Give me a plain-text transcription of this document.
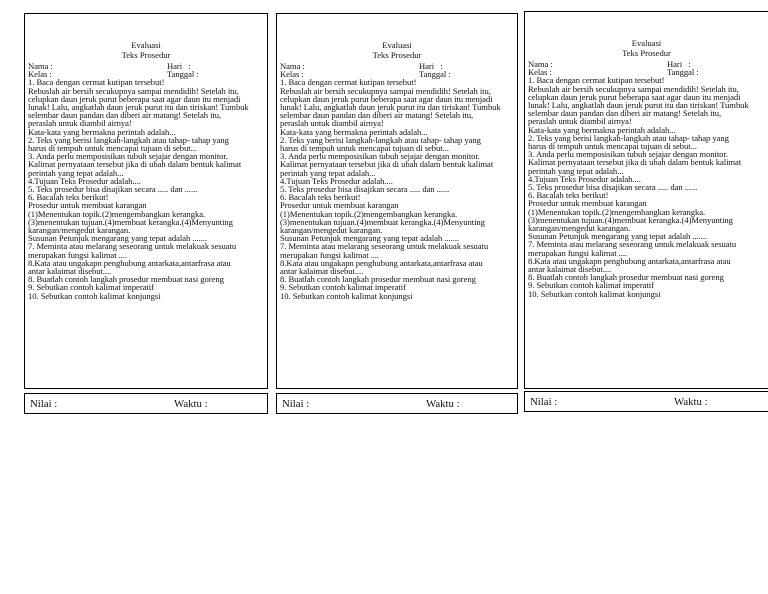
Evaluasi
Teks Prosedur
Nama :	Hari   :
Kelas :	Tanggal :
1. Baca dengan cermat kutipan tersebut!
Rebuslah air bersih secukupnya sampai mendidih! Setelah itu,
celupkan daun jeruk purut beberapa saat agar daun itu menjadi
lunak! Lalu, angkatlah daun jeruk purut itu dan tiriskan! Tumbuk
selembar daun pandan dan diberi air matang! Setelah itu,
peraslah untuk diambil airnya!
Kata-kata yang bermakna perintah adalah...
2. Teks yang berisi langkah-langkah atau tahap- tahap yang
harus di tempuh untuk mencapai tujuan di sebut...
3. Anda perlu memposisikan tubuh sejajar dengan monitor.
Kalimat pernyataan tersebut jika di ubah dalam bentuk kalimat
perintah yang tepat adalah...
4.Tujuan Teks Prosedur adalah....
5. Teks prosedur bisa disajikan secara ..... dan ......
6. Bacalah teks berikut!
Prosedur untuk membuat karangan
(1)Menentukan topik.(2)mengembangkan kerangka.
(3)menentukan tujuan.(4)membuat kerangka.(4)Menyunting
karangan/mengedut karangan.
Susunan Petunjuk mengarang yang tepat adalah .......
7. Meminta atau melarang seseorang untuk melakuak sesuatu
merupakan fungsi kalimat ....
8.Kata atau ungakapn penghubung antarkata,antarfrasa atau
antar kalaimat disebut....
8. Buatlah contoh langkah prosedur membuat nasi goreng
9. Sebutkan contoh kalimat imperatif
10. Sebutkan contoh kalimat konjungsi
Nilai :	Waktu :
Evaluasi
Teks Prosedur
Nama :	Hari   :
Kelas :	Tanggal :
1. Baca dengan cermat kutipan tersebut!
Rebuslah air bersih secukupnya sampai mendidih! Setelah itu,
celupkan daun jeruk purut beberapa saat agar daun itu menjadi
lunak! Lalu, angkatlah daun jeruk purut itu dan tiriskan! Tumbuk
selembar daun pandan dan diberi air matang! Setelah itu,
peraslah untuk diambil airnya!
Kata-kata yang bermakna perintah adalah...
2. Teks yang berisi langkah-langkah atau tahap- tahap yang
harus di tempuh untuk mencapai tujuan di sebut...
3. Anda perlu memposisikan tubuh sejajar dengan monitor.
Kalimat pernyataan tersebut jika di ubah dalam bentuk kalimat
perintah yang tepat adalah...
4.Tujuan Teks Prosedur adalah....
5. Teks prosedur bisa disajikan secara ..... dan ......
6. Bacalah teks berikut!
Prosedur untuk membuat karangan
(1)Menentukan topik.(2)mengembangkan kerangka.
(3)menentukan tujuan.(4)membuat kerangka.(4)Menyunting
karangan/mengedut karangan.
Susunan Petunjuk mengarang yang tepat adalah .......
7. Meminta atau melarang seseorang untuk melakuak sesuatu
merupakan fungsi kalimat ....
8.Kata atau ungakapn penghubung antarkata,antarfrasa atau
antar kalaimat disebut....
8. Buatlah contoh langkah prosedur membuat nasi goreng
9. Sebutkan contoh kalimat imperatif
10. Sebutkan contoh kalimat konjungsi
Nilai :	Waktu :
Evaluasi
Teks Prosedur
Nama :	Hari   :
Kelas :	Tanggal :
1. Baca dengan cermat kutipan tersebut!
Rebuslah air bersih secukupnya sampai mendidih! Setelah itu,
celupkan daun jeruk purut beberapa saat agar daun itu menjadi
lunak! Lalu, angkatlah daun jeruk purut itu dan tiriskan! Tumbuk
selembar daun pandan dan diberi air matang! Setelah itu,
peraslah untuk diambil airnya!
Kata-kata yang bermakna perintah adalah...
2. Teks yang berisi langkah-langkah atau tahap- tahap yang
harus di tempuh untuk mencapai tujuan di sebut...
3. Anda perlu memposisikan tubuh sejajar dengan monitor.
Kalimat pernyataan tersebut jika di ubah dalam bentuk kalimat
perintah yang tepat adalah...
4.Tujuan Teks Prosedur adalah....
5. Teks prosedur bisa disajikan secara ..... dan ......
6. Bacalah teks berikut!
Prosedur untuk membuat karangan
(1)Menentukan topik.(2)mengembangkan kerangka.
(3)menentukan tujuan.(4)membuat kerangka.(4)Menyunting
karangan/mengedut karangan.
Susunan Petunjuk mengarang yang tepat adalah .......
7. Meminta atau melarang seseorang untuk melakuak sesuatu
merupakan fungsi kalimat ....
8.Kata atau ungakapn penghubung antarkata,antarfrasa atau
antar kalaimat disebut....
8. Buatlah contoh langkah prosedur membuat nasi goreng
9. Sebutkan contoh kalimat imperatif
10. Sebutkan contoh kalimat konjungsi
Nilai :	Waktu :
